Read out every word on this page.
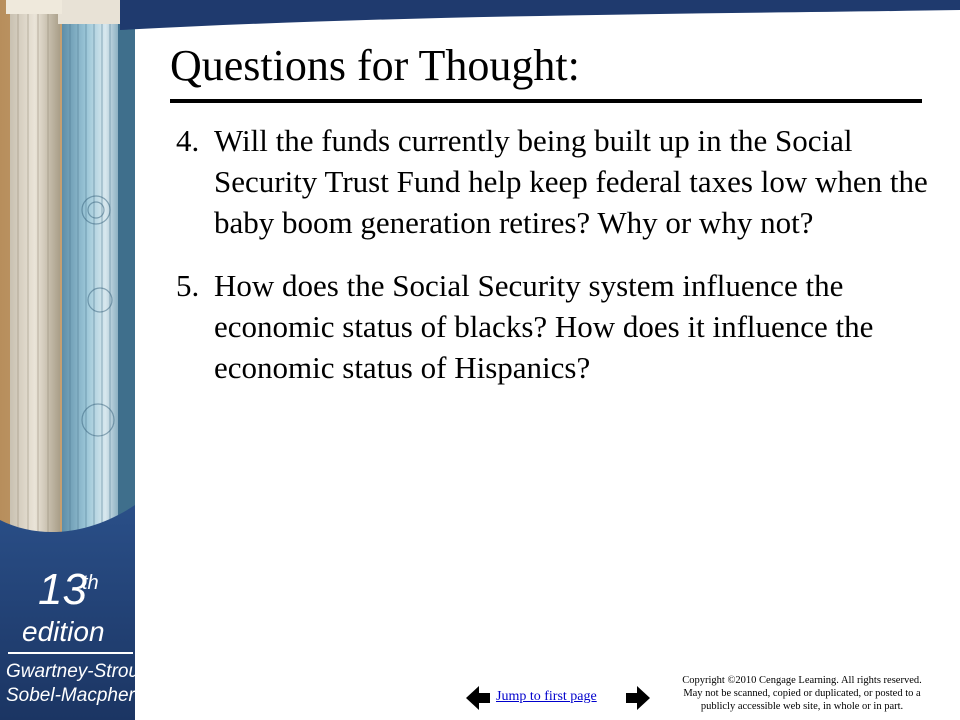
13
th
edition
Gwartney-Stroup
Sobel-Macpherson
Questions for Thought:
4. Will the funds currently being built up in the Social Security Trust Fund help keep federal taxes low when the baby boom generation retires? Why or why not?
5. How does the Social Security system influence the economic status of blacks? How does it influence the economic status of Hispanics?
Jump to first page
Copyright ©2010 Cengage Learning. All rights reserved.
May not be scanned, copied or duplicated, or posted to a
publicly accessible web site, in whole or in part.
